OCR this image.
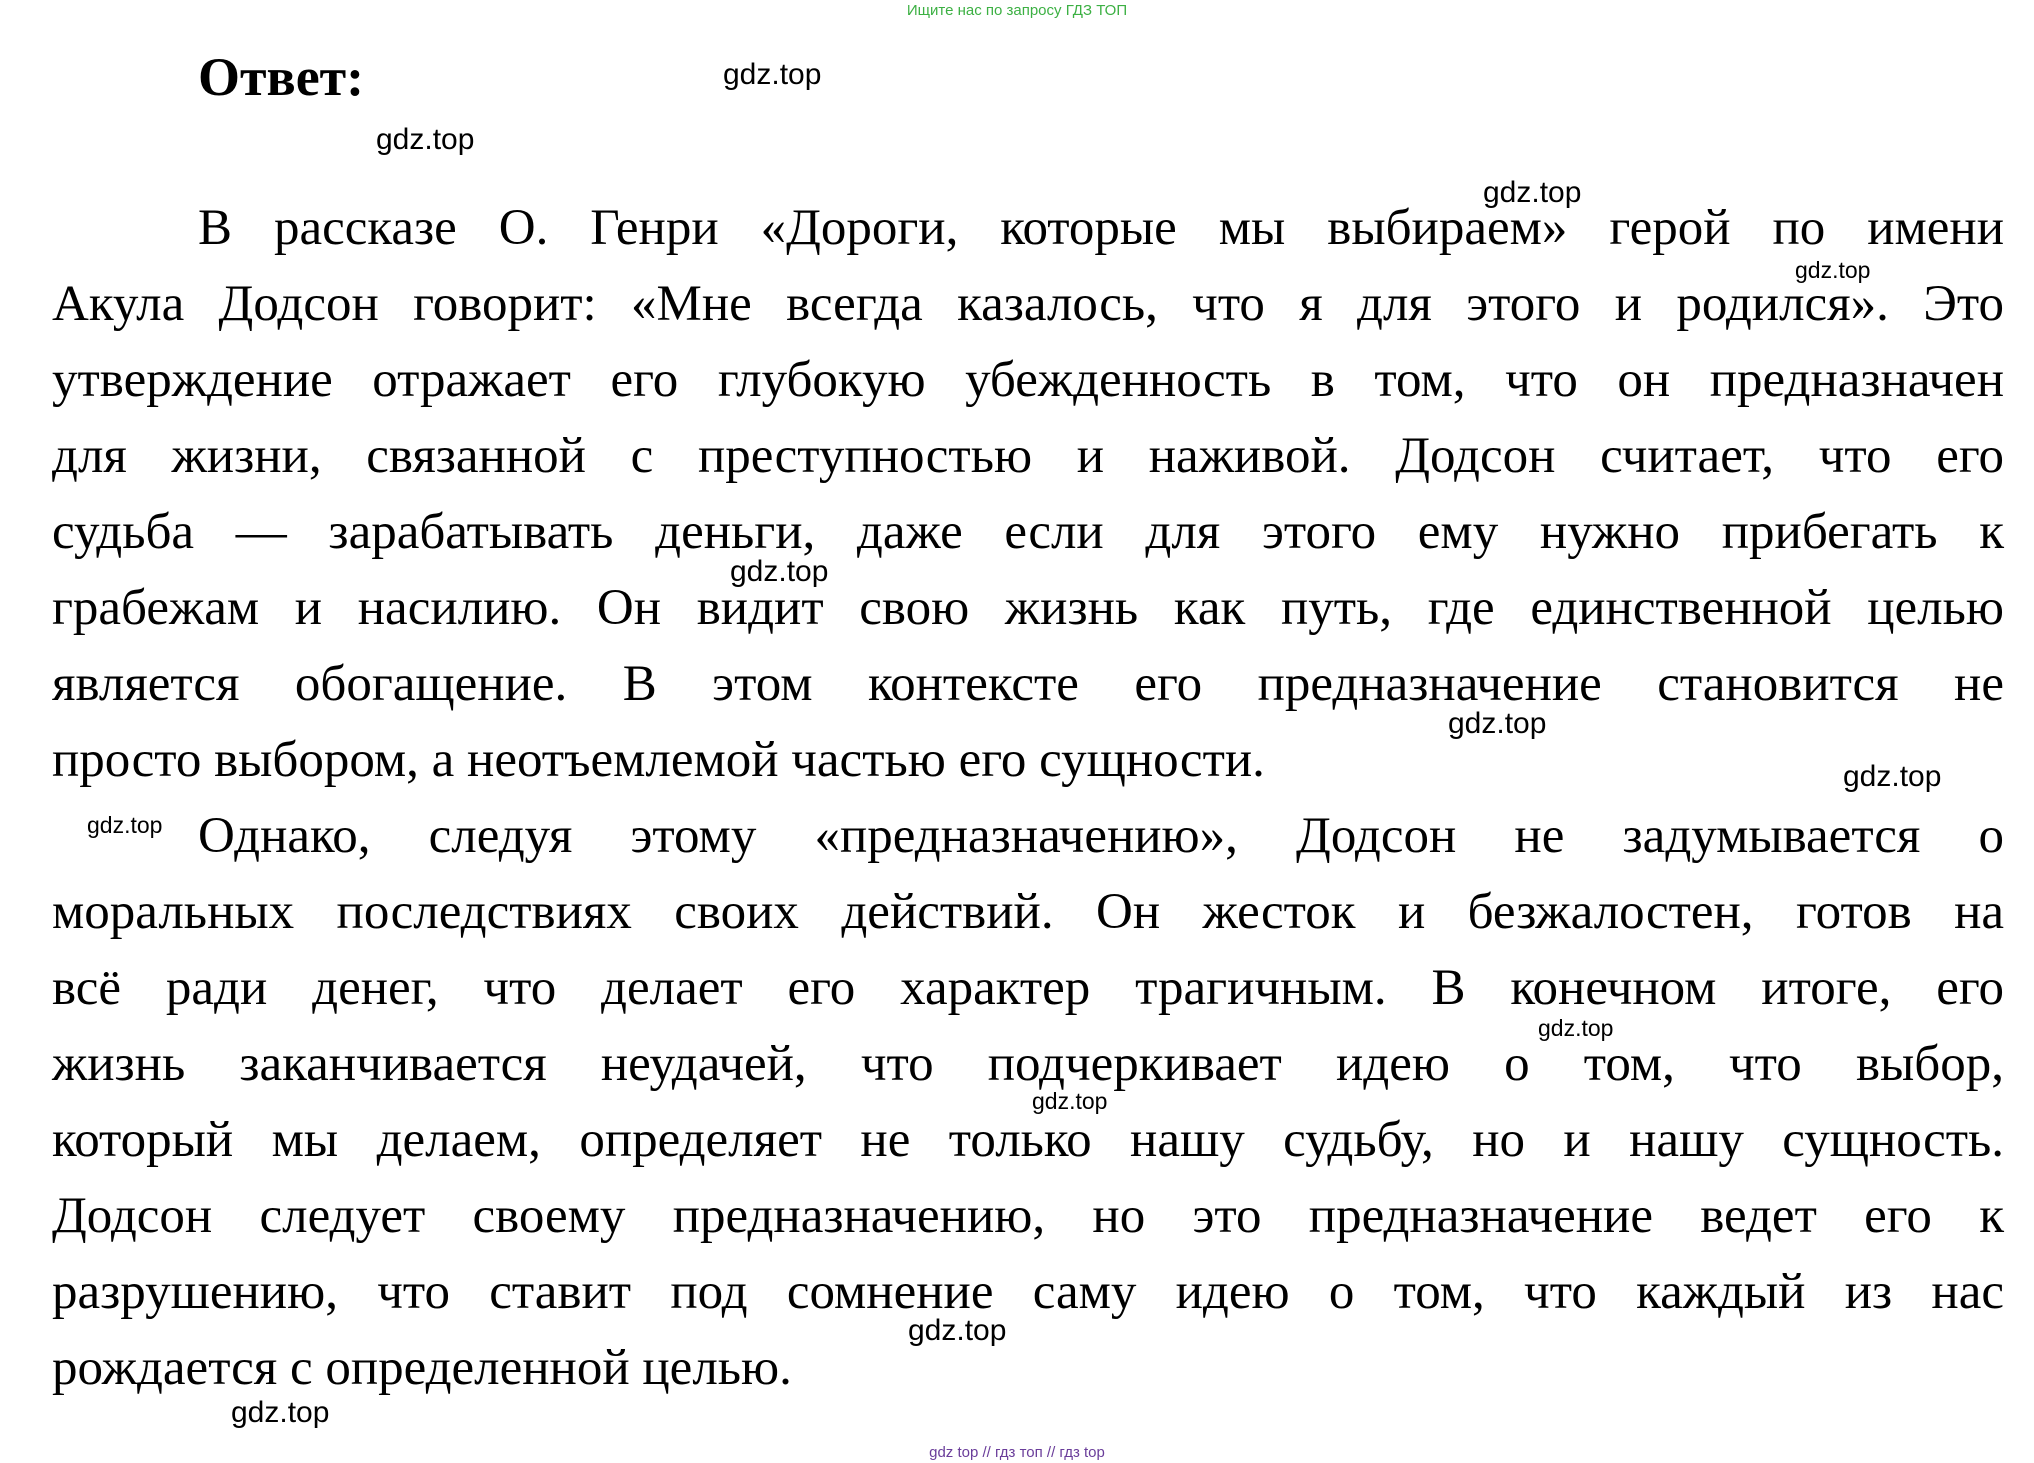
Ищите нас по запросу ГДЗ ТОП
Ответ:

В рассказе О. Генри «Дороги, которые мы выбираем» герой по имени

Акула Додсон говорит: «Мне всегда казалось, что я для этого и родился». Это

утверждение отражает его глубокую убежденность в том, что он предназначен

для жизни, связанной с преступностью и наживой. Додсон считает, что его

судьба — зарабатывать деньги, даже если для этого ему нужно прибегать к

грабежам и насилию. Он видит свою жизнь как путь, где единственной целью

является обогащение. В этом контексте его предназначение становится не

просто выбором, а неотъемлемой частью его сущности.

Однако, следуя этому «предназначению», Додсон не задумывается о

моральных последствиях своих действий. Он жесток и безжалостен, готов на

всё ради денег, что делает его характер трагичным. В конечном итоге, его

жизнь заканчивается неудачей, что подчеркивает идею о том, что выбор,

который мы делаем, определяет не только нашу судьбу, но и нашу сущность.

Додсон следует своему предназначению, но это предназначение ведет его к

разрушению, что ставит под сомнение саму идею о том, что каждый из нас

рождается с определенной целью.

gdz.top
gdz.top
gdz.top
gdz.top
gdz.top
gdz.top
gdz.top
gdz.top
gdz.top
gdz.top
gdz.top
gdz.top
gdz top // гдз топ // гдз top
